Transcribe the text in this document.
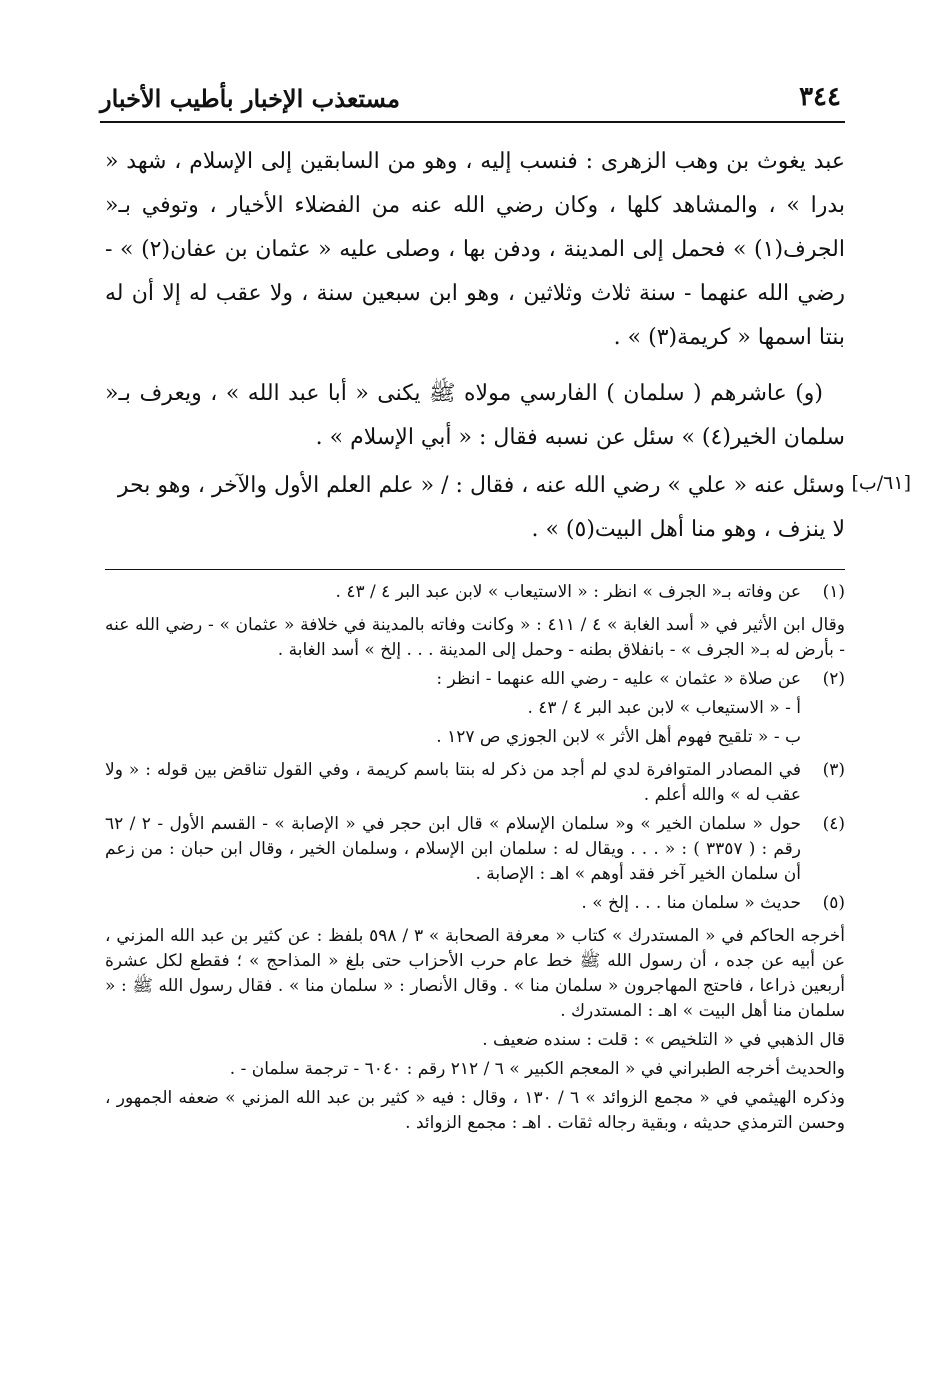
٣٤٤
مستعذب الإخبار بأطيب الأخبار

عبد يغوث بن وهب الزهرى : فنسب إليه ، وهو من السابقين إلى الإسلام ، شهد « بدرا » ، والمشاهد كلها ، وكان رضي الله عنه من الفضلاء الأخيار ، وتوفي بـ« الجرف(١) » فحمل إلى المدينة ، ودفن بها ، وصلى عليه « عثمان بن عفان(٢) » - رضي الله عنهما - سنة ثلاث وثلاثين ، وهو ابن سبعين سنة ، ولا عقب له إلا أن له بنتا اسمها « كريمة(٣) » .

(و) عاشرهم ( سلمان ) الفارسي مولاه ﷺ يكنى « أبا عبد الله » ، ويعرف بـ« سلمان الخير(٤) » سئل عن نسبه فقال : « أبي الإسلام » .

[٦١/ب]
وسئل عنه « علي » رضي الله عنه ، فقال : / « علم العلم الأول والآخر ، وهو بحر لا ينزف ، وهو منا أهل البيت(٥) » .
(١)
عن وفاته بـ« الجرف » انظر : « الاستيعاب » لابن عبد البر ٤ / ٤٣ .
وقال ابن الأثير في « أسد الغابة » ٤ / ٤١١ : « وكانت وفاته بالمدينة في خلافة « عثمان » - رضي الله عنه - بأرض له بـ« الجرف » - بانفلاق بطنه - وحمل إلى المدينة . . . إلخ » أسد الغابة .
(٢)
عن صلاة « عثمان » عليه - رضي الله عنهما - انظر :
أ - « الاستيعاب » لابن عبد البر ٤ / ٤٣ .
ب - « تلقيح فهوم أهل الأثر » لابن الجوزي ص ١٢٧ .
(٣)
في المصادر المتوافرة لدي لم أجد من ذكر له بنتا باسم كريمة ، وفي القول تناقض بين قوله : « ولا عقب له » والله أعلم .
(٤)
حول « سلمان الخير » و« سلمان الإسلام » قال ابن حجر في « الإصابة » - القسم الأول - ٢ / ٦٢ رقم : ( ٣٣٥٧ ) : « . . . ويقال له : سلمان ابن الإسلام ، وسلمان الخير ، وقال ابن حبان : من زعم أن سلمان الخير آخر فقد أوهم » اهـ : الإصابة .
(٥)
حديث « سلمان منا . . . إلخ » .
أخرجه الحاكم في « المستدرك » كتاب « معرفة الصحابة » ٣ / ٥٩٨ بلفظ : عن كثير بن عبد الله المزني ، عن أبيه عن جده ، أن رسول الله ﷺ خط عام حرب الأحزاب حتى بلغ « المذاحج » ؛ فقطع لكل عشرة أربعين ذراعا ، فاحتج المهاجرون « سلمان منا » . وقال الأنصار : « سلمان منا » . فقال رسول الله ﷺ : « سلمان منا أهل البيت » اهـ : المستدرك .
قال الذهبي في « التلخيص » : قلت : سنده ضعيف .
والحديث أخرجه الطبراني في « المعجم الكبير » ٦ / ٢١٢ رقم : ٦٠٤٠ - ترجمة سلمان - .
وذكره الهيثمي في « مجمع الزوائد » ٦ / ١٣٠ ، وقال : فيه « كثير بن عبد الله المزني » ضعفه الجمهور ، وحسن الترمذي حديثه ، وبقية رجاله ثقات . اهـ : مجمع الزوائد .
